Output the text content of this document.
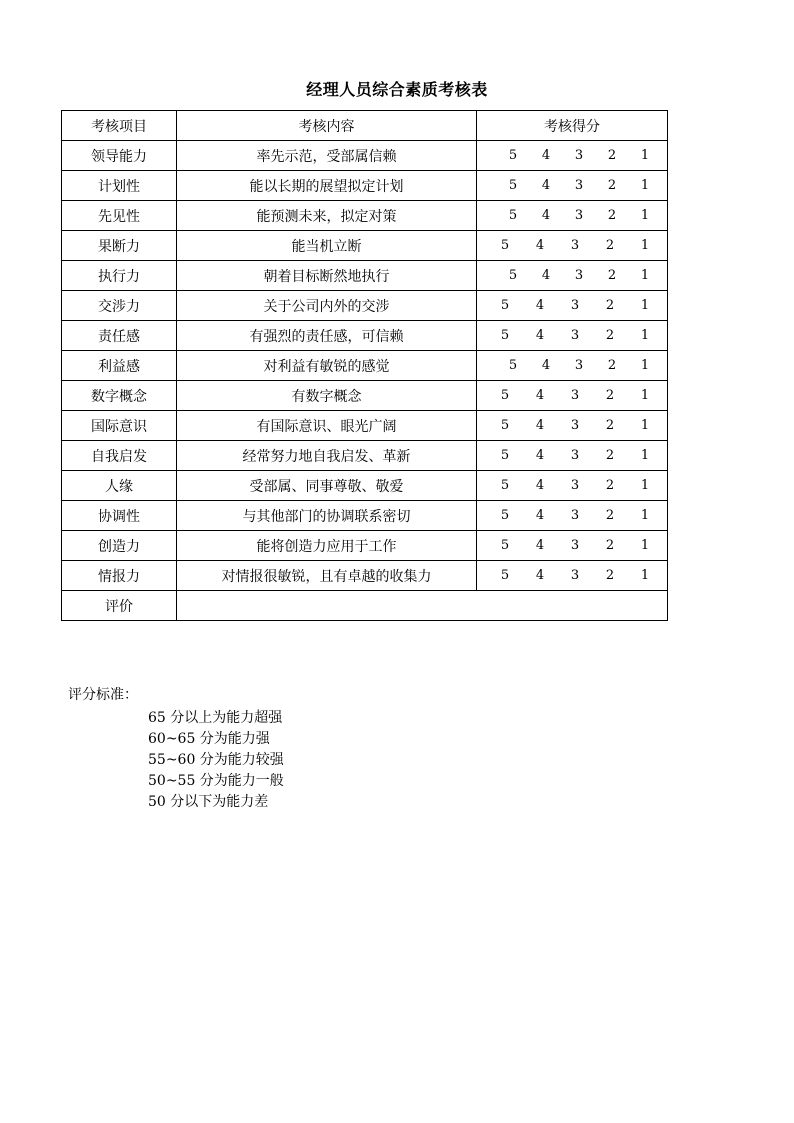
经理人员综合素质考核表
考核项目	考核内容	考核得分
领导能力	率先示范，受部属信赖	5 4 3 2 1

计划性	能以长期的展望拟定计划	5 4 3 2 1

先见性	能预测未来，拟定对策	5 4 3 2 1

果断力	能当机立断	5 4 3 2 1

执行力	朝着目标断然地执行	5 4 3 2 1

交涉力	关于公司内外的交涉	5 4 3 2 1

责任感	有强烈的责任感，可信赖	5 4 3 2 1

利益感	对利益有敏锐的感觉	5 4 3 2 1

数字概念	有数字概念	5 4 3 2 1

国际意识	有国际意识、眼光广阔	5 4 3 2 1

自我启发	经常努力地自我启发、革新	5 4 3 2 1

人缘	受部属、同事尊敬、敬爱	5 4 3 2 1

协调性	与其他部门的协调联系密切	5 4 3 2 1

创造力	能将创造力应用于工作	5 4 3 2 1

情报力	对情报很敏锐，且有卓越的收集力	5 4 3 2 1

评价		
评分标准：
65 分以上为能力超强
60~65 分为能力强
55~60 分为能力较强
50~55 分为能力一般
50 分以下为能力差
